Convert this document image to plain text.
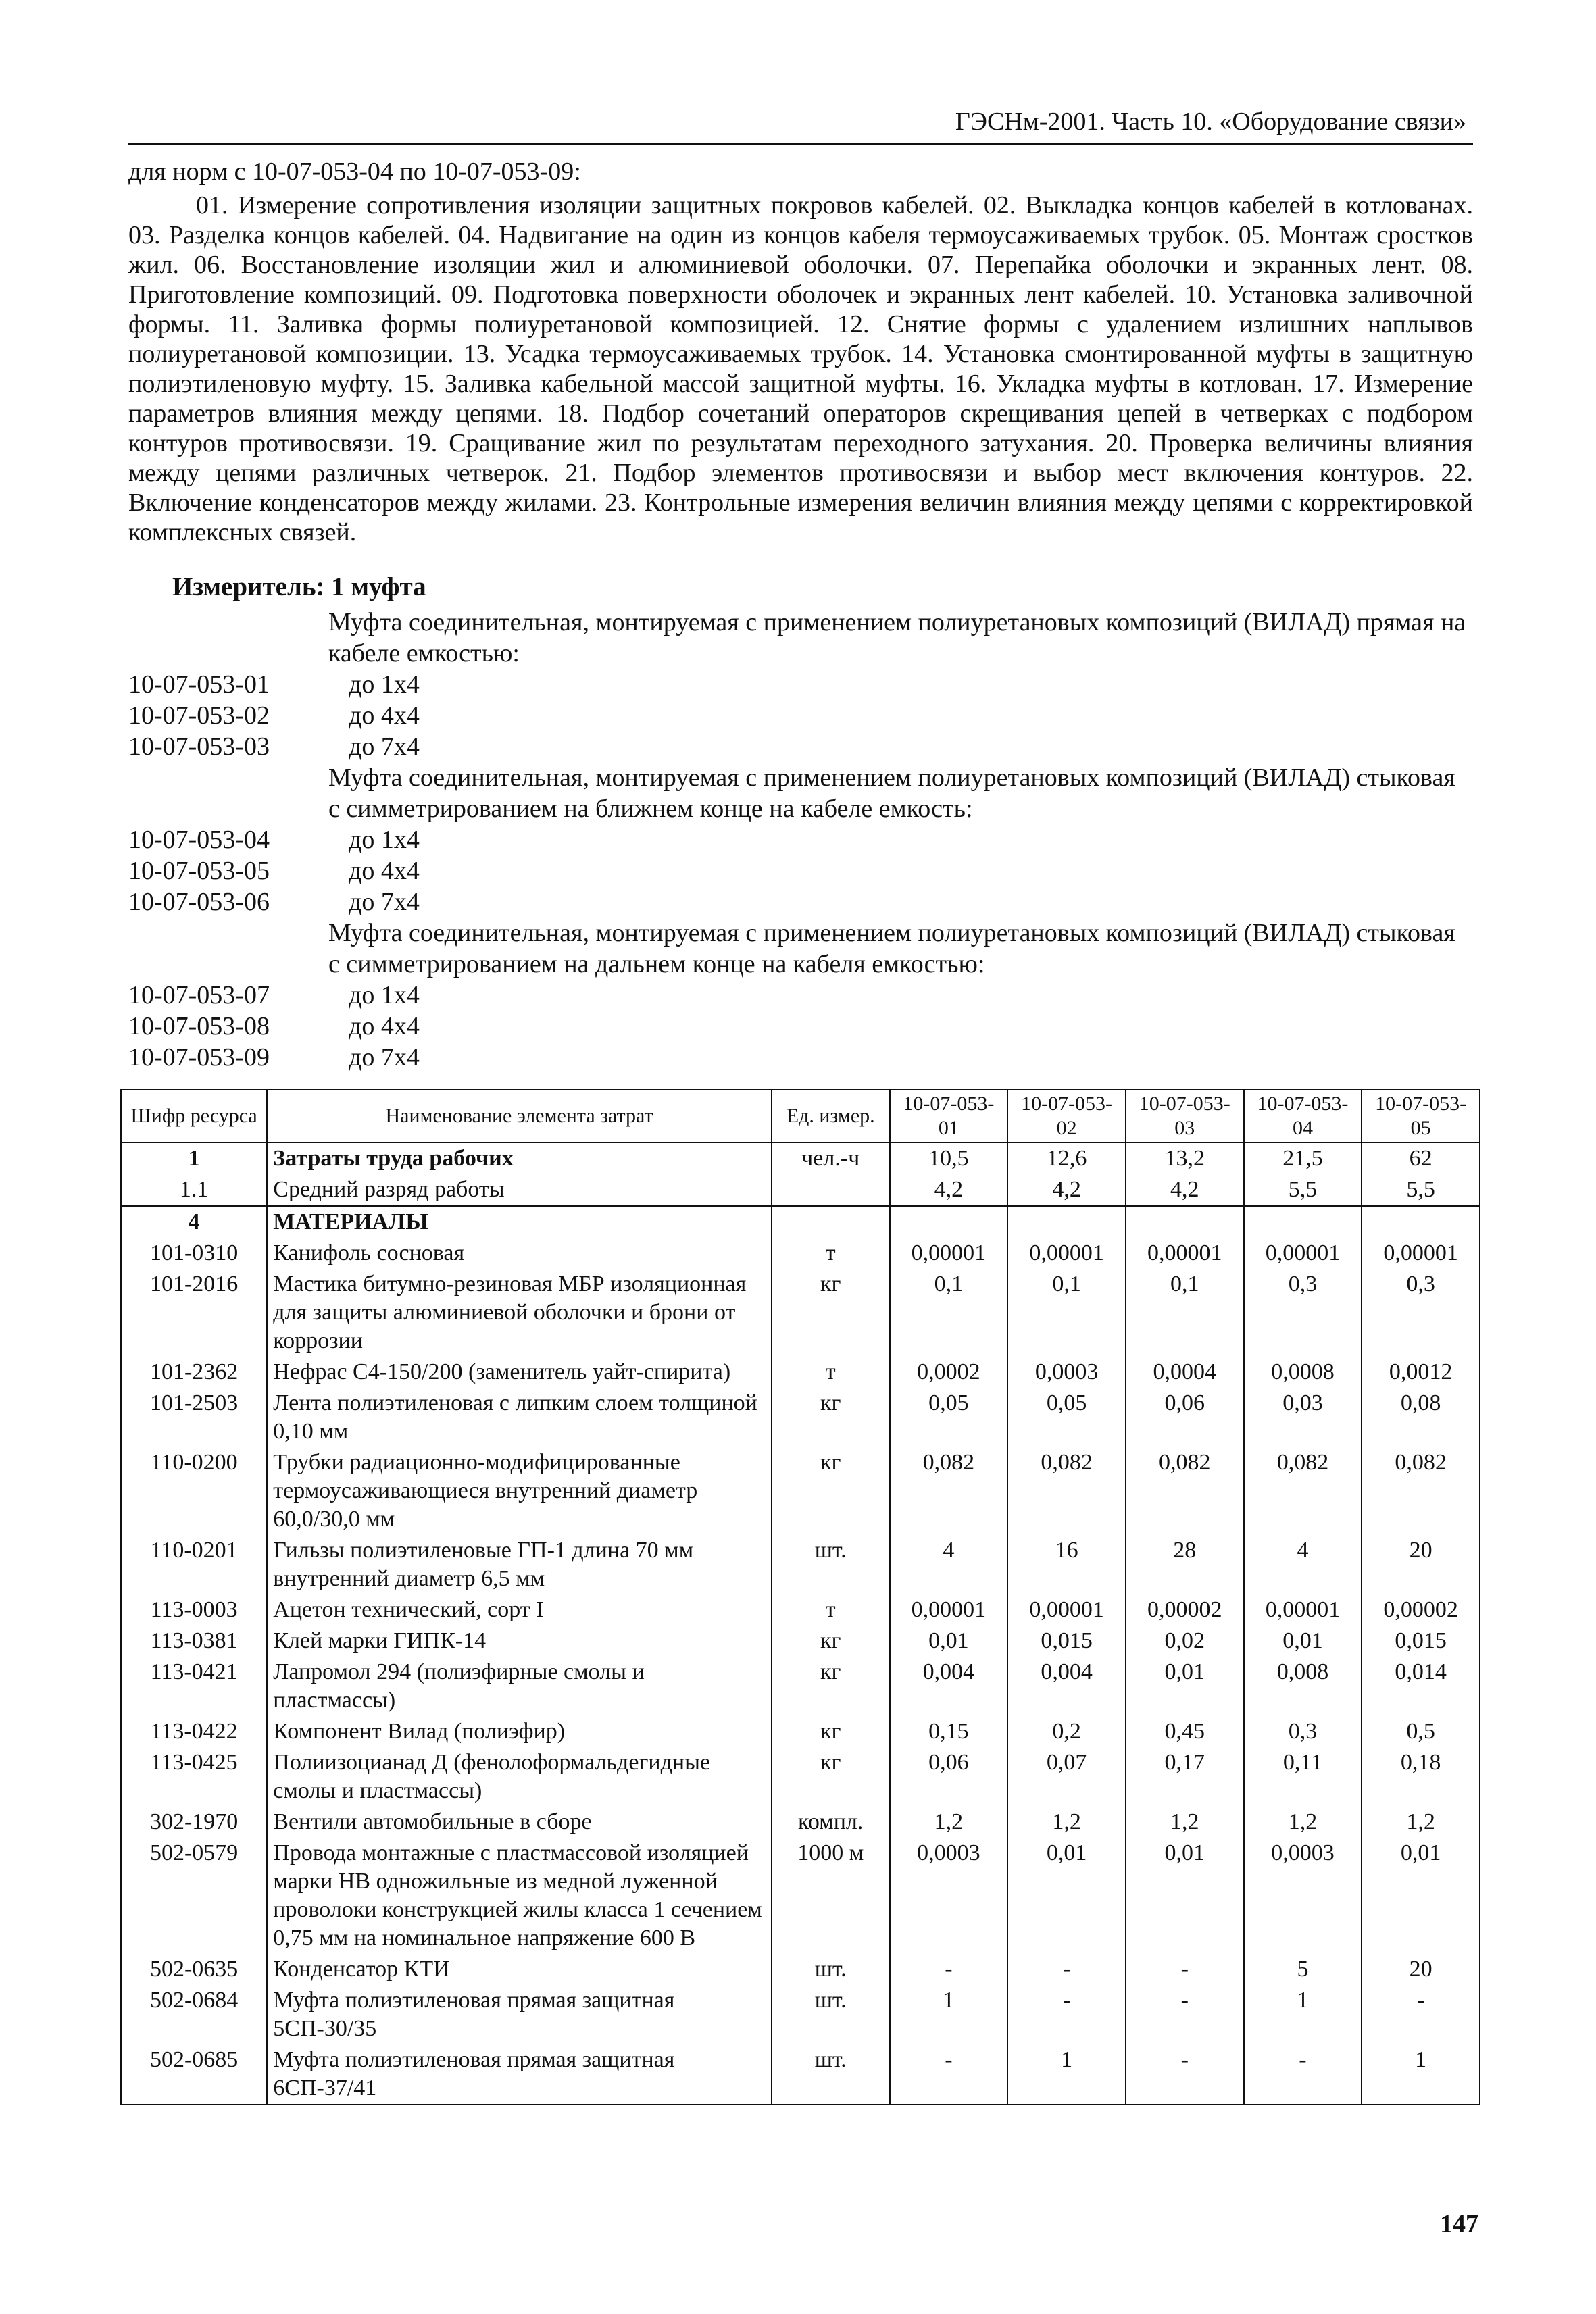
ГЭСНм-2001. Часть 10. «Оборудование связи»
для норм с 10-07-053-04 по 10-07-053-09:

01. Измерение сопротивления изоляции защитных покровов кабелей. 02. Выкладка концов кабелей в котлованах. 03. Разделка концов кабелей. 04. Надвигание на один из концов кабеля термоусаживаемых трубок. 05. Монтаж сростков жил. 06. Восстановление изоляции жил и алюминиевой оболочки. 07. Перепайка оболочки и экранных лент. 08. Приготовление композиций. 09. Подготовка поверхности оболочек и экранных лент кабелей. 10. Установка заливочной формы. 11. Заливка формы полиуретановой композицией. 12. Снятие формы с удалением излишних наплывов полиуретановой композиции. 13. Усадка термоусаживаемых трубок. 14. Установка смонтированной муфты в защитную полиэтиленовую муфту. 15. Заливка кабельной массой защитной муфты. 16. Укладка муфты в котлован. 17. Измерение параметров влияния между цепями. 18. Подбор сочетаний операторов скрещивания цепей в четверках с подбором контуров противосвязи. 19. Сращивание жил по результатам переходного затухания. 20. Проверка величины влияния между цепями различных четверок. 21. Подбор элементов противосвязи и выбор мест включения контуров. 22. Включение конденсаторов между жилами. 23. Контрольные измерения величин влияния между цепями с корректировкой комплексных связей.

Измеритель: 1 муфта
Муфта соединительная, монтируемая с применением полиуретановых композиций (ВИЛАД) прямая на кабеле емкостью:
10-07-053-01	до 1х4
10-07-053-02	до 4х4
10-07-053-03	до 7х4
Муфта соединительная, монтируемая с применением полиуретановых композиций (ВИЛАД) стыковая с симметрированием на ближнем конце на кабеле емкость:
10-07-053-04	до 1х4
10-07-053-05	до 4х4
10-07-053-06	до 7х4
Муфта соединительная, монтируемая с применением полиуретановых композиций (ВИЛАД) стыковая с симметрированием на дальнем конце на кабеля емкостью:
10-07-053-07	до 1х4
10-07-053-08	до 4х4
10-07-053-09	до 7х4
Шифр ресурса	Наименование элемента затрат	Ед. измер.	10-07-053-01	10-07-053-02	10-07-053-03	10-07-053-04	10-07-053-05
1	Затраты труда рабочих	чел.-ч	10,5	12,6	13,2	21,5	62
1.1	Средний разряд работы		4,2	4,2	4,2	5,5	5,5
4	МАТЕРИАЛЫ						
101-0310	Канифоль сосновая	т	0,00001	0,00001	0,00001	0,00001	0,00001
101-2016	Мастика битумно-резиновая МБР изоляционная для защиты алюминиевой оболочки и брони от коррозии	кг	0,1	0,1	0,1	0,3	0,3
101-2362	Нефрас С4-150/200 (заменитель уайт-спирита)	т	0,0002	0,0003	0,0004	0,0008	0,0012
101-2503	Лента полиэтиленовая с липким слоем толщиной 0,10 мм	кг	0,05	0,05	0,06	0,03	0,08
110-0200	Трубки радиационно-модифицированные термоусаживающиеся внутренний диаметр 60,0/30,0 мм	кг	0,082	0,082	0,082	0,082	0,082
110-0201	Гильзы полиэтиленовые ГП-1 длина 70 мм внутренний диаметр 6,5 мм	шт.	4	16	28	4	20
113-0003	Ацетон технический, сорт I	т	0,00001	0,00001	0,00002	0,00001	0,00002
113-0381	Клей марки ГИПК-14	кг	0,01	0,015	0,02	0,01	0,015
113-0421	Лапромол 294 (полиэфирные смолы и пластмассы)	кг	0,004	0,004	0,01	0,008	0,014
113-0422	Компонент Вилад (полиэфир)	кг	0,15	0,2	0,45	0,3	0,5
113-0425	Полиизоцианад Д (фенолоформальдегидные смолы и пластмассы)	кг	0,06	0,07	0,17	0,11	0,18
302-1970	Вентили автомобильные в сборе	компл.	1,2	1,2	1,2	1,2	1,2
502-0579	Провода монтажные с пластмассовой изоляцией марки НВ одножильные из медной луженной проволоки конструкцией жилы класса 1 сечением 0,75 мм на номинальное напряжение 600 В	1000 м	0,0003	0,01	0,01	0,0003	0,01
502-0635	Конденсатор КТИ	шт.	-	-	-	5	20
502-0684	Муфта полиэтиленовая прямая защитная 5СП-30/35	шт.	1	-	-	1	-
502-0685	Муфта полиэтиленовая прямая защитная 6СП-37/41	шт.	-	1	-	-	1
147
